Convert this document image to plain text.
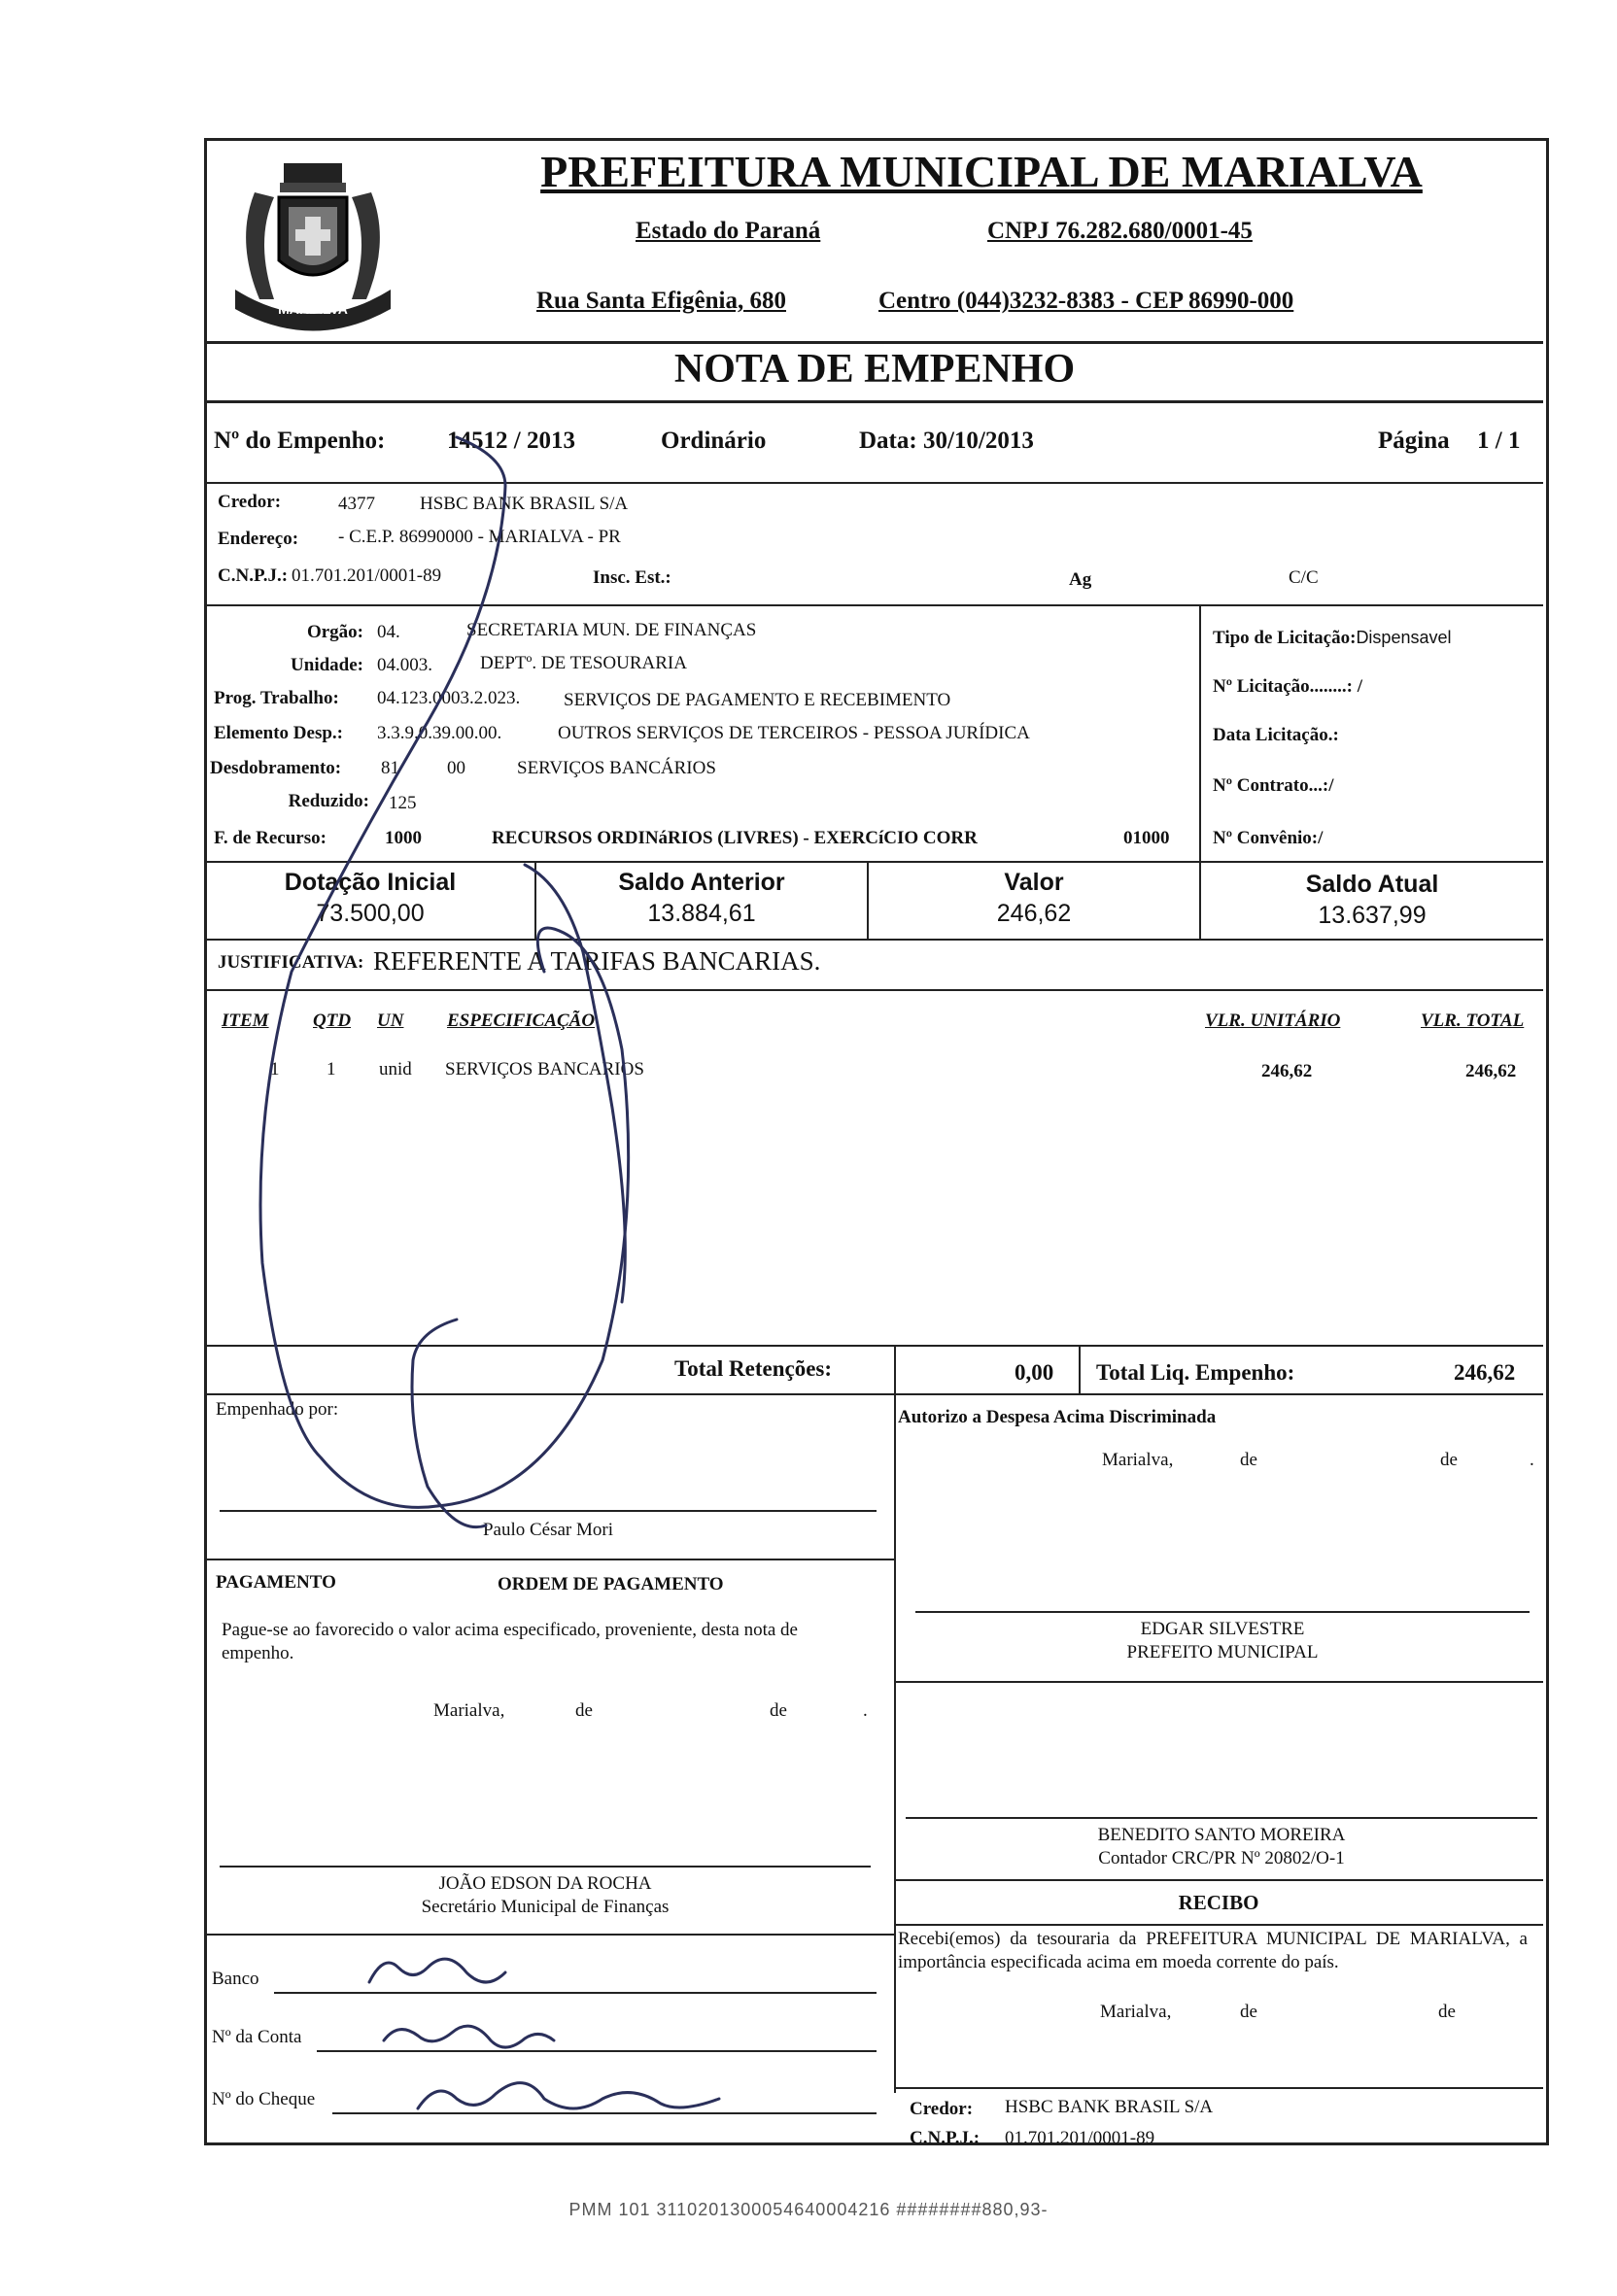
MARIALVA
PREFEITURA MUNICIPAL DE MARIALVA
Estado do Paraná	CNPJ 76.282.680/0001-45
Rua Santa Efigênia, 680	Centro (044)3232-8383 - CEP 86990-000
NOTA DE EMPENHO
Nº do Empenho:	14512 / 2013	Ordinário	Data: 30/10/2013	Página 1 / 1
Credor:	4377 HSBC BANK BRASIL S/A
Endereço: - C.E.P. 86990000 - MARIALVA - PR
C.N.P.J.: 01.701.201/0001-89	Insc. Est.:	Ag	C/C
Orgão: 04.	SECRETARIA MUN. DE FINANÇAS
Unidade: 04.003.	DEPTº. DE TESOURARIA
Prog. Trabalho: 04.123.0003.2.023. SERVIÇOS DE PAGAMENTO E RECEBIMENTO
Elemento Desp.: 3.3.9.0.39.00.00.	OUTROS SERVIÇOS DE TERCEIROS - PESSOA JURÍDICA
Desdobramento: 81	00	SERVIÇOS BANCÁRIOS
Reduzido: 125
F. de Recurso:	1000	RECURSOS ORDINáRIOS (LIVRES) - EXERCíCIO CORR	01000
Tipo de Licitação:Dispensavel
Nº Licitação........: /
Data Licitação.:
Nº Contrato...:/
Nº Convênio:/
Dotação Inicial
73.500,00
Saldo Anterior
13.884,61
Valor
246,62
Saldo Atual
13.637,99
JUSTIFICATIVA: REFERENTE A TARIFAS BANCARIAS.
ITEM QTD UN ESPECIFICAÇÃO	VLR. UNITÁRIO	VLR. TOTAL
1	1 unid SERVIÇOS BANCARIOS	246,62	246,62
Total Retenções:	0,00 Total Liq. Empenho:	246,62
Empenhado por:
Paulo César Mori
Autorizo a Despesa Acima Discriminada
Marialva,	de	de	.
PAGAMENTO	ORDEM DE PAGAMENTO
Pague-se ao favorecido o valor acima especificado, proveniente, desta nota de empenho.
Marialva,	de	de	.
JOÃO EDSON DA ROCHA
Secretário Municipal de Finanças
Banco
Nº da Conta
Nº do Cheque
EDGAR SILVESTRE
PREFEITO MUNICIPAL
BENEDITO SANTO MOREIRA
Contador CRC/PR Nº 20802/O-1
RECIBO
Recebi(emos) da tesouraria da PREFEITURA MUNICIPAL DE MARIALVA, a importância especificada acima em moeda corrente do país.
Marialva,	de	de
Credor: HSBC BANK BRASIL S/A
C.N.P.J.: 01.701.201/0001-89
PMM 101 3110201300054640004216 ########880,93-
